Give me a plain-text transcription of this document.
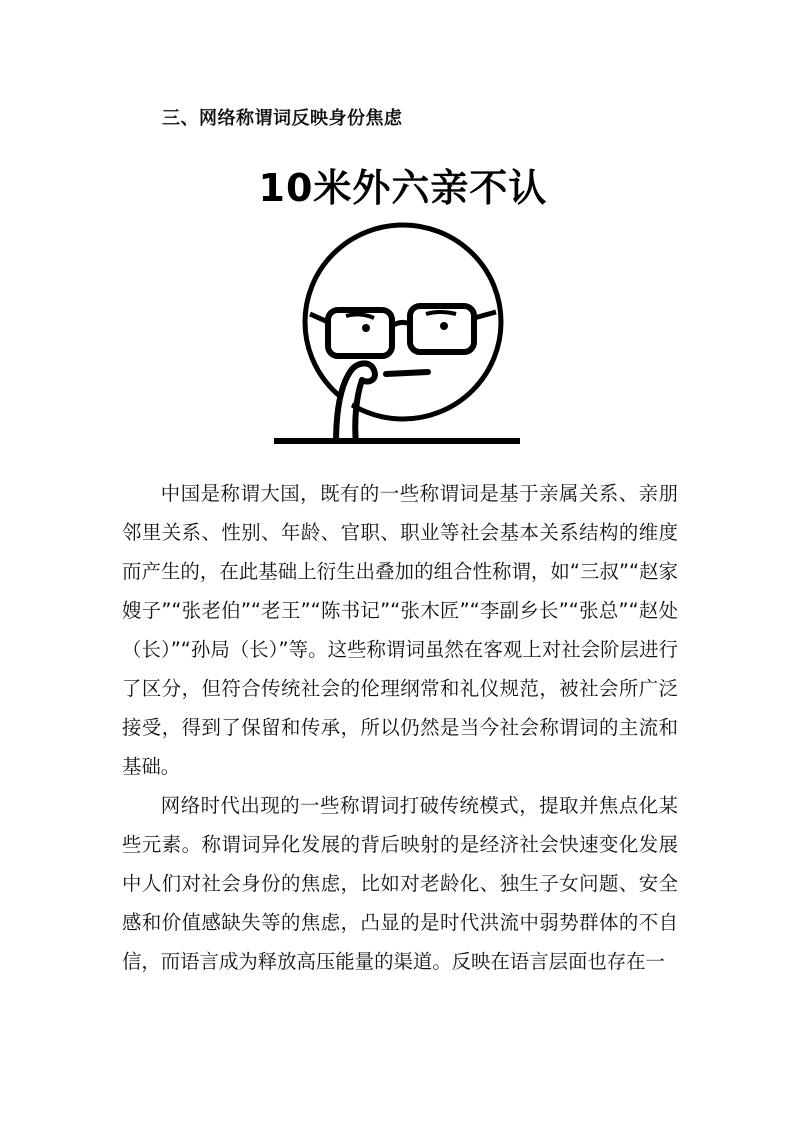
三、网络称谓词反映身份焦虑
10米外六亲不认

中国是称谓大国，既有的一些称谓词是基于亲属关系、亲朋邻里关系、性别、年龄、官职、职业等社会基本关系结构的维度而产生的，在此基础上衍生出叠加的组合性称谓，如“三叔”“赵家嫂子”“张老伯”“老王”“陈书记”“张木匠”“李副乡长”“张总”“赵处（长）”“孙局（长）”等。这些称谓词虽然在客观上对社会阶层进行了区分，但符合传统社会的伦理纲常和礼仪规范，被社会所广泛接受，得到了保留和传承，所以仍然是当今社会称谓词的主流和基础。

网络时代出现的一些称谓词打破传统模式，提取并焦点化某些元素。称谓词异化发展的背后映射的是经济社会快速变化发展中人们对社会身份的焦虑，比如对老龄化、独生子女问题、安全感和价值感缺失等的焦虑，凸显的是时代洪流中弱势群体的不自信，而语言成为释放高压能量的渠道。反映在语言层面也存在一
